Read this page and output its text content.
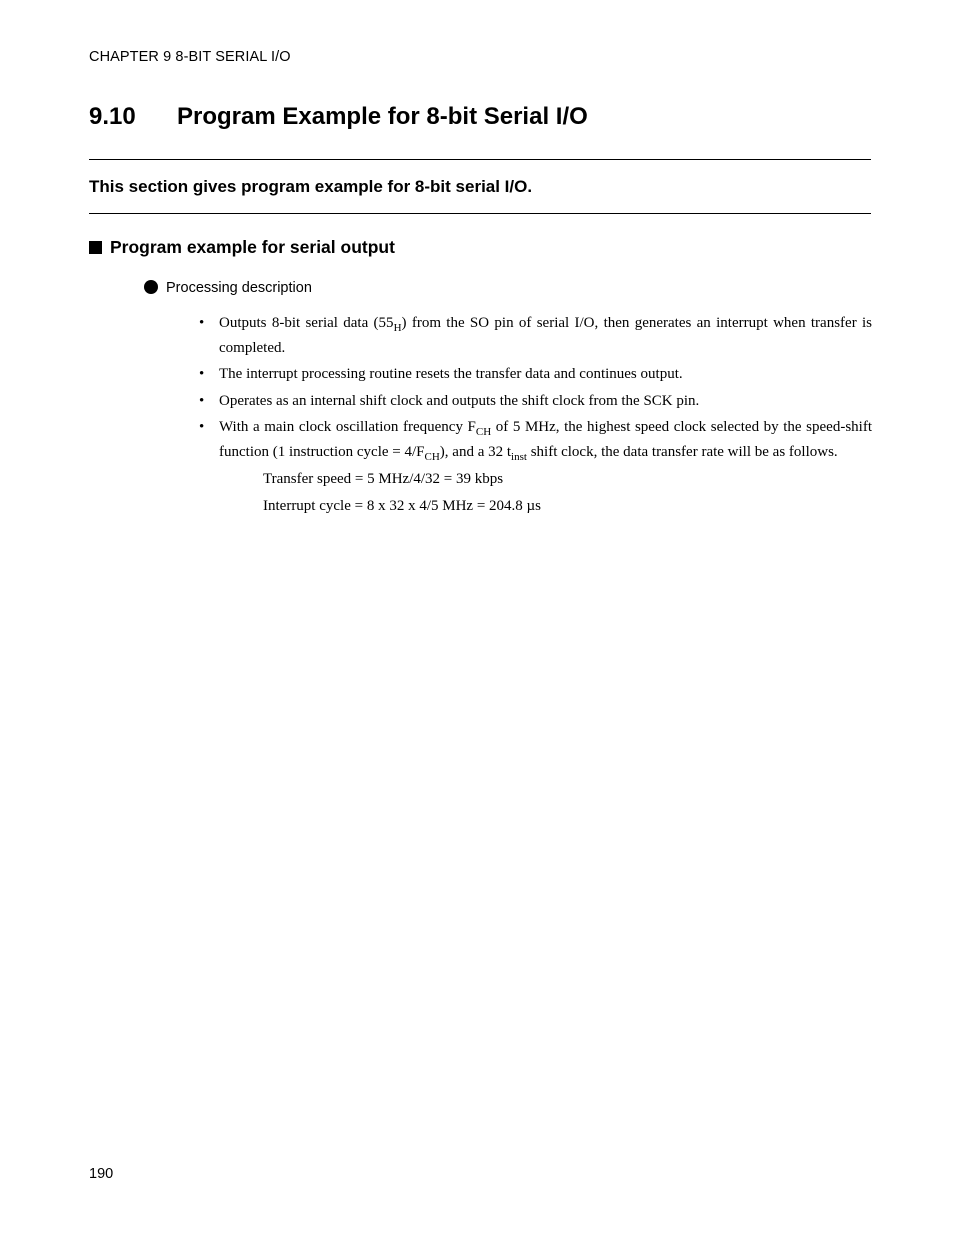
CHAPTER 9 8-BIT SERIAL I/O
9.10 Program Example for 8-bit Serial I/O
This section gives program example for 8-bit serial I/O.
Program example for serial output
Processing description
• Outputs 8-bit serial data $(55_H)$ from the SO pin of serial I/O, then generates an interrupt when transfer is completed.
• The interrupt processing routine resets the transfer data and continues output.
• Operates as an internal shift clock and outputs the shift clock from the SCK pin.
• With a main clock oscillation frequency $F_{CH}$ of 5 MHz, the highest speed clock selected by the speed-shift function (1 instruction cycle = $4/F_{CH}$), and a 32 $t_{inst}$ shift clock, the data transfer rate will be as follows.
Transfer speed = 5 MHz/4/32 = 39 kbps
Interrupt cycle = 8 x 32 x 4/5 MHz = 204.8 µs
190
